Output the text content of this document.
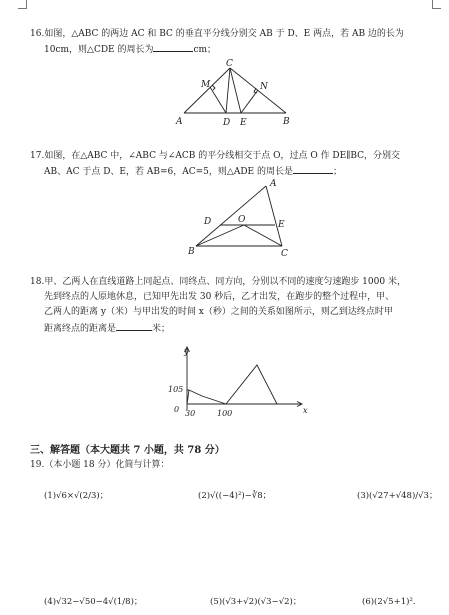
16.如图，△ABC 的两边 AC 和 BC 的垂直平分线分别交 AB 于 D、E 两点，若 AB 边的长为
10cm，则△CDE 的周长为	cm；
C
M	N
A	D E	B
17.如图，在△ABC 中，∠ABC 与∠ACB 的平分线相交于点 O，过点 O 作 DE∥BC，分别交
AB、AC 于点 D、E，若 AB=6，AC=5，则△ADE 的周长是	；
A
D	O	E
B	C
18.甲、乙两人在直线道路上同起点、同终点、同方向，分别以不同的速度匀速跑步 1000 米，
先到终点的人原地休息，已知甲先出发 30 秒后，乙才出发，在跑步的整个过程中，甲、
乙两人的距离 y（米）与甲出发的时间 x（秒）之间的关系如图所示，则乙到达终点时甲
距离终点的距离是	米；
y
x
0
105
30	100
三、解答题（本大题共 7 小题，共 78 分）
19.（本小题 18 分）化简与计算：
(1)√6×√(2/3)；	(2)√((−4)²)−∛8；	(3)(√27+√48)/√3；
(4)√32−√50−4√(1/8)；	(5)(√3+√2)(√3−√2)；	(6)(2√5+1)².
